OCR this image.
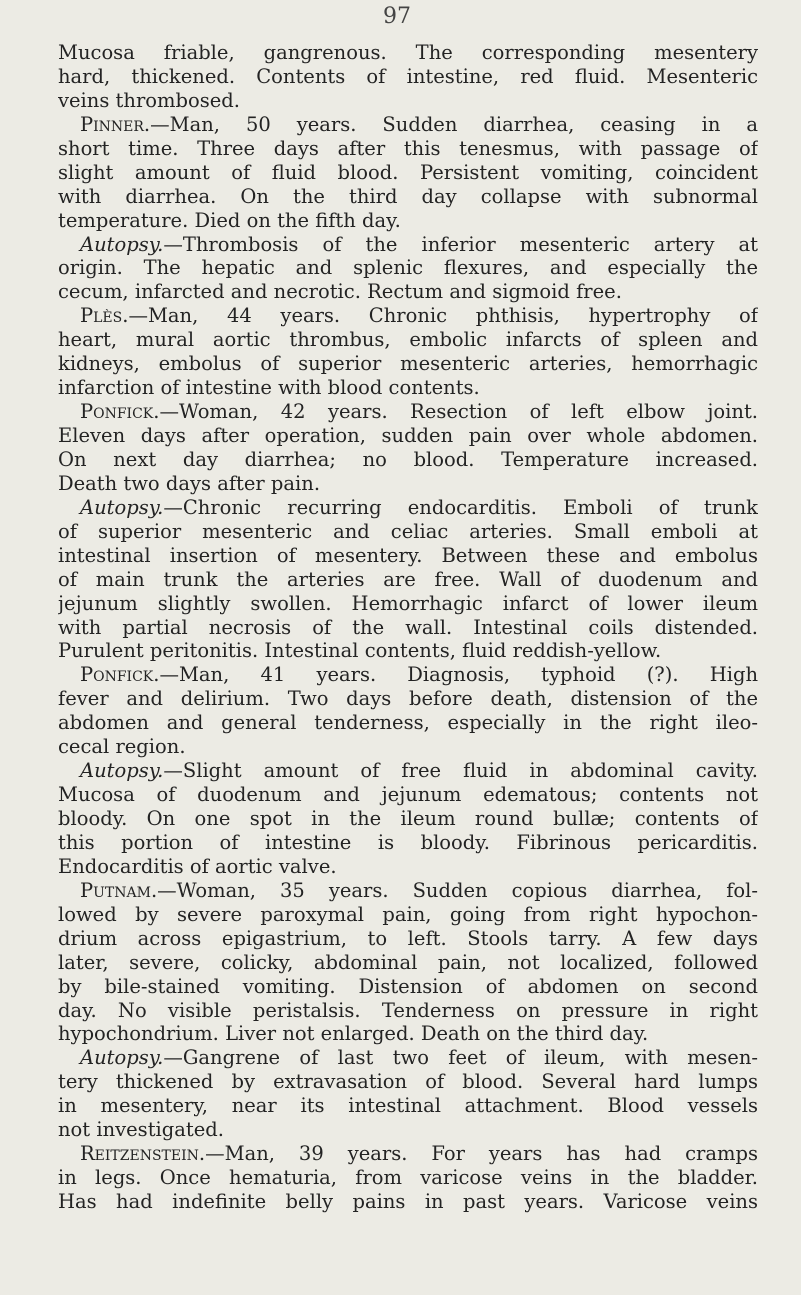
97
Mucosa friable, gangrenous. The corresponding mesentery
hard, thickened. Contents of intestine, red fluid. Mesenteric
veins thrombosed.
Pinner.—Man, 50 years. Sudden diarrhea, ceasing in a
short time. Three days after this tenesmus, with passage of
slight amount of fluid blood. Persistent vomiting, coincident
with diarrhea. On the third day collapse with subnormal
temperature. Died on the fifth day.
Autopsy.—Thrombosis of the inferior mesenteric artery at
origin. The hepatic and splenic flexures, and especially the
cecum, infarcted and necrotic. Rectum and sigmoid free.
Plès.—Man, 44 years. Chronic phthisis, hypertrophy of
heart, mural aortic thrombus, embolic infarcts of spleen and
kidneys, embolus of superior mesenteric arteries, hemorrhagic
infarction of intestine with blood contents.
Ponfick.—Woman, 42 years. Resection of left elbow joint.
Eleven days after operation, sudden pain over whole abdomen.
On next day diarrhea; no blood. Temperature increased.
Death two days after pain.
Autopsy.—Chronic recurring endocarditis. Emboli of trunk
of superior mesenteric and celiac arteries. Small emboli at
intestinal insertion of mesentery. Between these and embolus
of main trunk the arteries are free. Wall of duodenum and
jejunum slightly swollen. Hemorrhagic infarct of lower ileum
with partial necrosis of the wall. Intestinal coils distended.
Purulent peritonitis. Intestinal contents, fluid reddish-yellow.
Ponfick.—Man, 41 years. Diagnosis, typhoid (?). High
fever and delirium. Two days before death, distension of the
abdomen and general tenderness, especially in the right ileo-
cecal region.
Autopsy.—Slight amount of free fluid in abdominal cavity.
Mucosa of duodenum and jejunum edematous; contents not
bloody. On one spot in the ileum round bullæ; contents of
this portion of intestine is bloody. Fibrinous pericarditis.
Endocarditis of aortic valve.
Putnam.—Woman, 35 years. Sudden copious diarrhea, fol-
lowed by severe paroxymal pain, going from right hypochon-
drium across epigastrium, to left. Stools tarry. A few days
later, severe, colicky, abdominal pain, not localized, followed
by bile-stained vomiting. Distension of abdomen on second
day. No visible peristalsis. Tenderness on pressure in right
hypochondrium. Liver not enlarged. Death on the third day.
Autopsy.—Gangrene of last two feet of ileum, with mesen-
tery thickened by extravasation of blood. Several hard lumps
in mesentery, near its intestinal attachment. Blood vessels
not investigated.
Reitzenstein.—Man, 39 years. For years has had cramps
in legs. Once hematuria, from varicose veins in the bladder.
Has had indefinite belly pains in past years. Varicose veins
